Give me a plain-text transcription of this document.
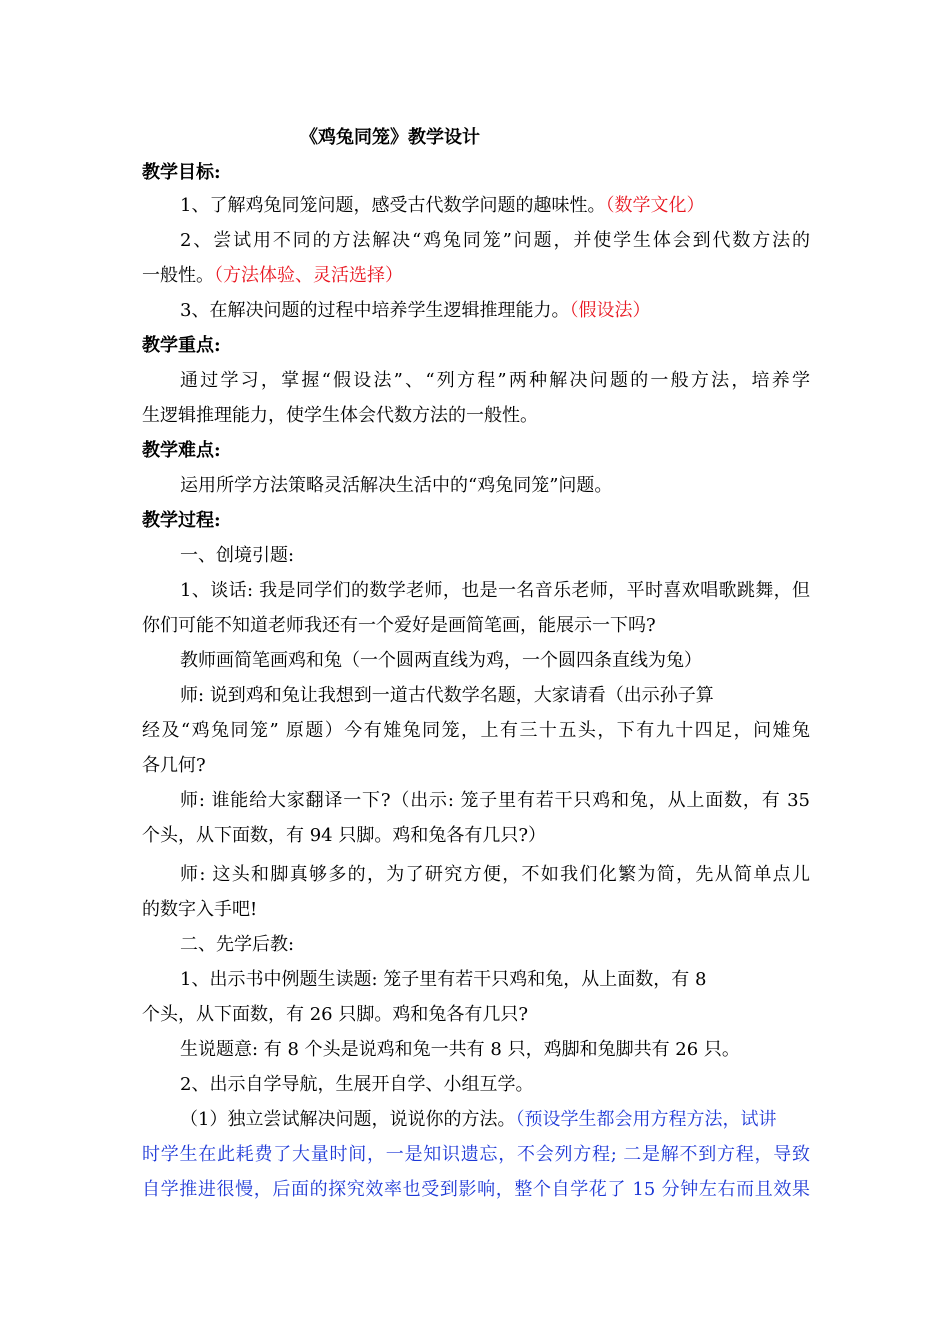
《鸡兔同笼》教学设计
教学目标:
1、了解鸡兔同笼问题，感受古代数学问题的趣味性。（数学文化）
2、尝试用不同的方法解决“鸡兔同笼”问题，并使学生体会到代数方法的
一般性。（方法体验、灵活选择）
3、在解决问题的过程中培养学生逻辑推理能力。（假设法）
教学重点:
通过学习，掌握“假设法”、“列方程”两种解决问题的一般方法，培养学
生逻辑推理能力，使学生体会代数方法的一般性。
教学难点:
运用所学方法策略灵活解决生活中的“鸡兔同笼”问题。
教学过程:
一、创境引题:
1、谈话: 我是同学们的数学老师，也是一名音乐老师，平时喜欢唱歌跳舞，但
你们可能不知道老师我还有一个爱好是画简笔画，能展示一下吗?
教师画简笔画鸡和兔（一个圆两直线为鸡，一个圆四条直线为兔）
师: 说到鸡和兔让我想到一道古代数学名题，大家请看（出示孙子算
经及“鸡兔同笼” 原题）今有雉兔同笼，上有三十五头，下有九十四足，问雉兔
各几何?
师: 谁能给大家翻译一下?（出示: 笼子里有若干只鸡和兔，从上面数，有 35
个头，从下面数，有 94 只脚。鸡和兔各有几只?）
师: 这头和脚真够多的，为了研究方便，不如我们化繁为简，先从简单点儿
的数字入手吧!
二、先学后教:
1、出示书中例题生读题: 笼子里有若干只鸡和兔，从上面数，有 8
个头，从下面数，有 26 只脚。鸡和兔各有几只?
生说题意: 有 8 个头是说鸡和兔一共有 8 只，鸡脚和兔脚共有 26 只。
2、出示自学导航，生展开自学、小组互学。
（1）独立尝试解决问题，说说你的方法。（预设学生都会用方程方法，试讲
时学生在此耗费了大量时间，一是知识遗忘，不会列方程; 二是解不到方程，导致
自学推进很慢，后面的探究效率也受到影响，整个自学花了 15 分钟左右而且效果
